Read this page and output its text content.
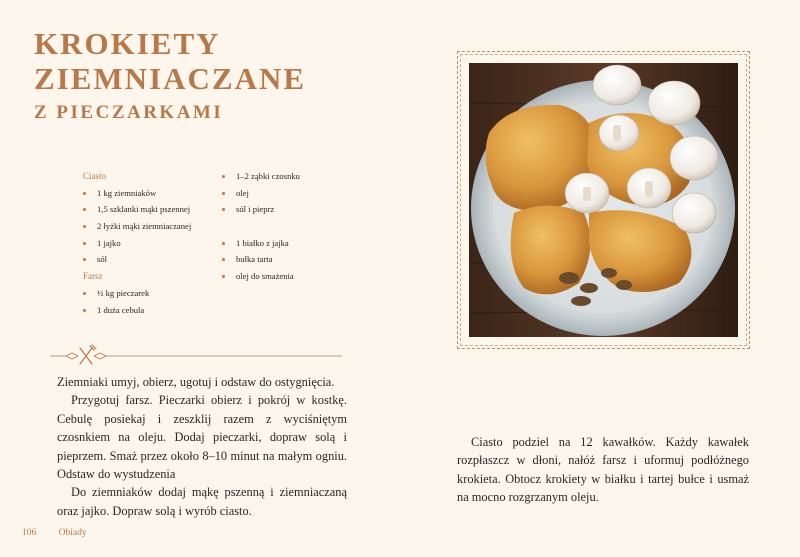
KROKIETY
ZIEMNIACZANE
Z PIECZARKAMI
Ciasto
1 kg ziemniaków
1,5 szklanki mąki pszennej
2 łyżki mąki ziemniaczanej
1 jajko
sól
Farsz
½ kg pieczarek
1 duża cebula
1–2 ząbki czosnku
olej
sól i pieprz
1 białko z jajka
bułka tarta
olej do smażenia

Ziemniaki umyj, obierz, ugotuj i odstaw do ostygnięcia.

Przygotuj farsz. Pieczarki obierz i pokrój w kostkę. Cebulę posiekaj i zeszklij razem z wyciśniętym czosnkiem na oleju. Dodaj pieczarki, dopraw solą i pieprzem. Smaż przez około 8–10 minut na małym ogniu. Odstaw do wystudzenia

Do ziemniaków dodaj mąkę pszenną i ziemniaczaną oraz jajko. Dopraw solą i wyrób ciasto.

106 Obiady

Ciasto podziel na 12 kawałków. Każdy kawałek rozpłaszcz w dłoni, nałóż farsz i uformuj podłóżnego krokieta. Obtocz krokiety w białku i tartej bułce i usmaż na mocno rozgrzanym oleju.
